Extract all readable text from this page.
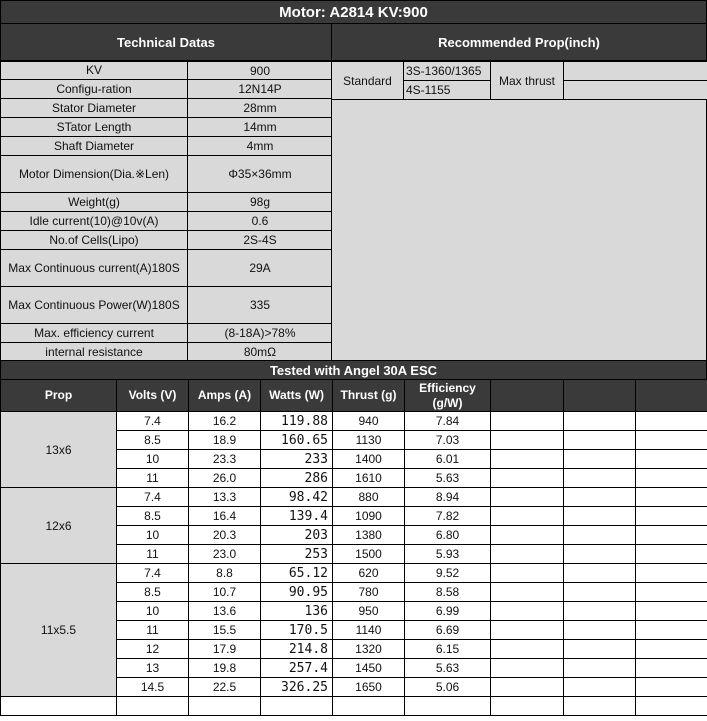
Motor: A2814 KV:900
Technical Datas	Recommended Prop(inch)
KV	900
Configu-ration	12N14P
Stator Diameter	28mm
STator Length	14mm
Shaft Diameter	4mm
Motor Dimension(Dia.※Len)	Φ35×36mm
Weight(g)	98g
Idle current(10)@10v(A)	0.6
No.of Cells(Lipo)	2S-4S
Max Continuous current(A)180S	29A
Max Continuous Power(W)180S	335
Max. efficiency current	(8-18A)>78%
internal resistance	80mΩ
Standard	3S-1360/1365	Max thrust	
	4S-1155		
Tested with Angel 30A ESC
Prop	Volts (V)	Amps (A)	Watts (W)	Thrust (g)	Efficiency (g/W)			
13x6	7.4	16.2	119.88	940	7.84			
	8.5	18.9	160.65	1130	7.03			
	10	23.3	233	1400	6.01			
	11	26.0	286	1610	5.63			
12x6	7.4	13.3	98.42	880	8.94			
	8.5	16.4	139.4	1090	7.82			
	10	20.3	203	1380	6.80			
	11	23.0	253	1500	5.93			
11x5.5	7.4	8.8	65.12	620	9.52			
	8.5	10.7	90.95	780	8.58			
	10	13.6	136	950	6.99			
	11	15.5	170.5	1140	6.69			
	12	17.9	214.8	1320	6.15			
	13	19.8	257.4	1450	5.63			
	14.5	22.5	326.25	1650	5.06			
